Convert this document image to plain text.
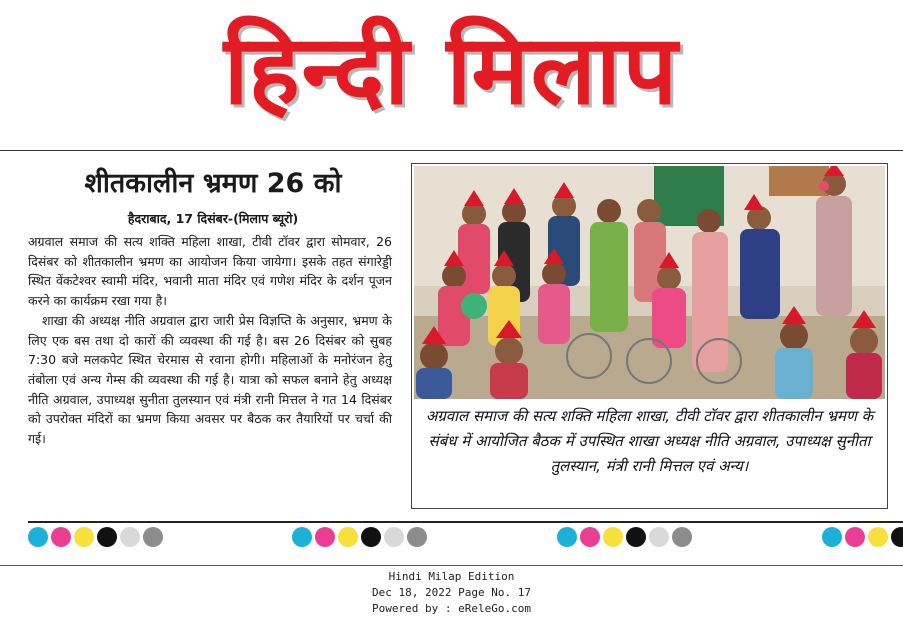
हिन्दी मिलाप
शीतकालीन भ्रमण 26 को
हैदराबाद, 17 दिसंबर-(मिलाप ब्यूरो)

अग्रवाल समाज की सत्य शक्ति महिला शाखा, टीवी टॉवर द्वारा सोमवार, 26 दिसंबर को शीतकालीन भ्रमण का आयोजन किया जायेगा। इसके तहत संगारेड्डी स्थित वेंकटेश्वर स्वामी मंदिर, भवानी माता मंदिर एवं गणेश मंदिर के दर्शन पूजन करने का कार्यक्रम रखा गया है।

शाखा की अध्यक्ष नीति अग्रवाल द्वारा जारी प्रेस विज्ञप्ति के अनुसार, भ्रमण के लिए एक बस तथा दो कारों की व्यवस्था की गई है। बस 26 दिसंबर को सुबह 7:30 बजे मलकपेट स्थित चेरमास से रवाना होगी। महिलाओं के मनोरंजन हेतु तंबोला एवं अन्य गेम्स की व्यवस्था की गई है। यात्रा को सफल बनाने हेतु अध्यक्ष नीति अग्रवाल, उपाध्यक्ष सुनीता तुलस्यान एवं मंत्री रानी मित्तल ने गत 14 दिसंबर को उपरोक्त मंदिरों का भ्रमण किया अवसर पर बैठक कर तैयारियों पर चर्चा की गई।

अग्रवाल समाज की सत्य शक्ति महिला शाखा, टीवी टॉवर द्वारा शीतकालीन भ्रमण के संबंध में आयोजित बैठक में उपस्थित शाखा अध्यक्ष नीति अग्रवाल, उपाध्यक्ष सुनीता तुलस्यान, मंत्री रानी मित्तल एवं अन्य।
Hindi Milap Edition
Dec 18, 2022 Page No. 17
Powered by : eReleGo.com
